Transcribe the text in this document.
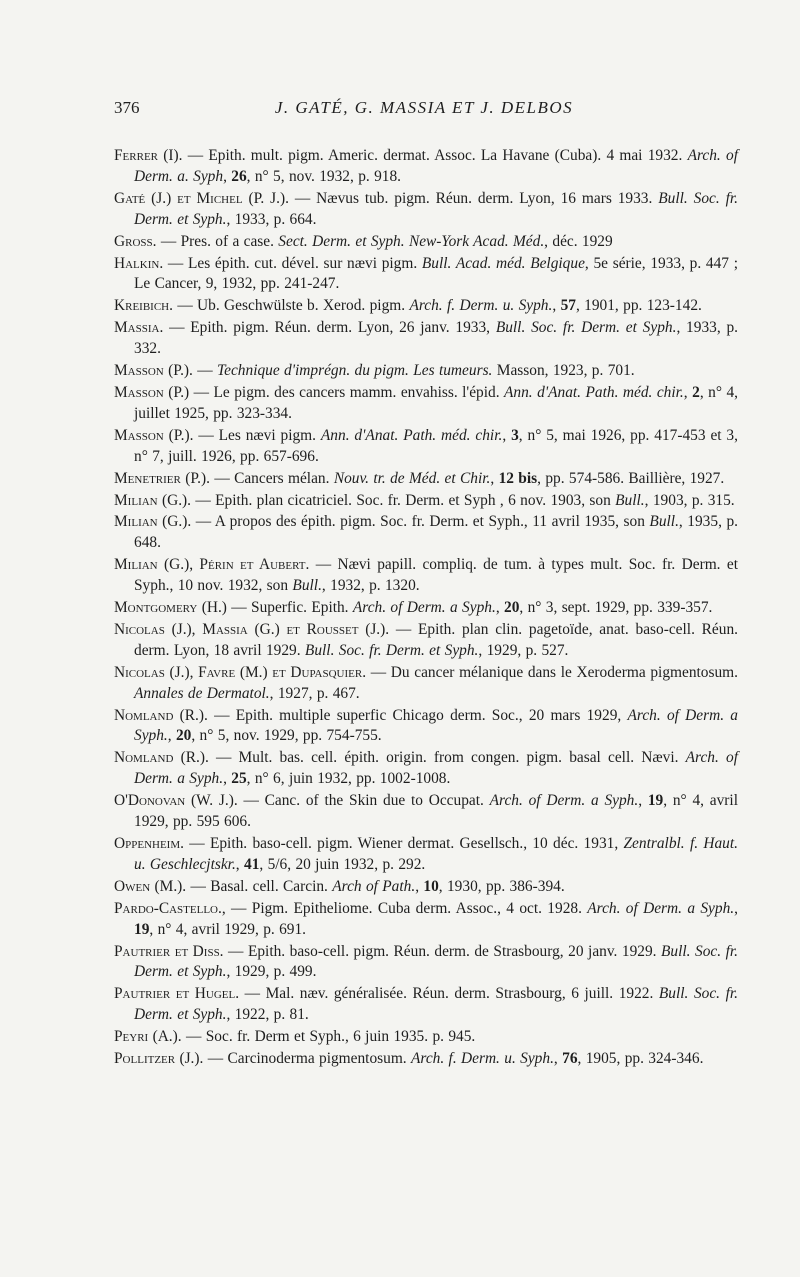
376	J. GATÉ, G. MASSIA ET J. DELBOS

Ferrer (I). — Epith. mult. pigm. Americ. dermat. Assoc. La Havane (Cuba). 4 mai 1932. Arch. of Derm. a. Syph, 26, n° 5, nov. 1932, p. 918.

Gaté (J.) et Michel (P. J.). — Nævus tub. pigm. Réun. derm. Lyon, 16 mars 1933. Bull. Soc. fr. Derm. et Syph., 1933, p. 664.

Gross. — Pres. of a case. Sect. Derm. et Syph. New-York Acad. Méd., déc. 1929

Halkin. — Les épith. cut. dével. sur nævi pigm. Bull. Acad. méd. Belgique, 5e série, 1933, p. 447 ; Le Cancer, 9, 1932, pp. 241-247.

Kreibich. — Ub. Geschwülste b. Xerod. pigm. Arch. f. Derm. u. Syph., 57, 1901, pp. 123-142.

Massia. — Epith. pigm. Réun. derm. Lyon, 26 janv. 1933, Bull. Soc. fr. Derm. et Syph., 1933, p. 332.

Masson (P.). — Technique d'imprégn. du pigm. Les tumeurs. Masson, 1923, p. 701.

Masson (P.) — Le pigm. des cancers mamm. envahiss. l'épid. Ann. d'Anat. Path. méd. chir., 2, n° 4, juillet 1925, pp. 323-334.

Masson (P.). — Les nævi pigm. Ann. d'Anat. Path. méd. chir., 3, n° 5, mai 1926, pp. 417-453 et 3, n° 7, juill. 1926, pp. 657-696.

Menetrier (P.). — Cancers mélan. Nouv. tr. de Méd. et Chir., 12 bis, pp. 574-586. Baillière, 1927.

Milian (G.). — Epith. plan cicatriciel. Soc. fr. Derm. et Syph , 6 nov. 1903, son Bull., 1903, p. 315.

Milian (G.). — A propos des épith. pigm. Soc. fr. Derm. et Syph., 11 avril 1935, son Bull., 1935, p. 648.

Milian (G.), Périn et Aubert. — Nævi papill. compliq. de tum. à types mult. Soc. fr. Derm. et Syph., 10 nov. 1932, son Bull., 1932, p. 1320.

Montgomery (H.) — Superfic. Epith. Arch. of Derm. a Syph., 20, n° 3, sept. 1929, pp. 339-357.

Nicolas (J.), Massia (G.) et Rousset (J.). — Epith. plan clin. pagetoïde, anat. baso-cell. Réun. derm. Lyon, 18 avril 1929. Bull. Soc. fr. Derm. et Syph., 1929, p. 527.

Nicolas (J.), Favre (M.) et Dupasquier. — Du cancer mélanique dans le Xeroderma pigmentosum. Annales de Dermatol., 1927, p. 467.

Nomland (R.). — Epith. multiple superfic Chicago derm. Soc., 20 mars 1929, Arch. of Derm. a Syph., 20, n° 5, nov. 1929, pp. 754-755.

Nomland (R.). — Mult. bas. cell. épith. origin. from congen. pigm. basal cell. Nævi. Arch. of Derm. a Syph., 25, n° 6, juin 1932, pp. 1002-1008.

O'Donovan (W. J.). — Canc. of the Skin due to Occupat. Arch. of Derm. a Syph., 19, n° 4, avril 1929, pp. 595 606.

Oppenheim. — Epith. baso-cell. pigm. Wiener dermat. Gesellsch., 10 déc. 1931, Zentralbl. f. Haut. u. Geschlecjtskr., 41, 5/6, 20 juin 1932, p. 292.

Owen (M.). — Basal. cell. Carcin. Arch of Path., 10, 1930, pp. 386-394.

Pardo-Castello., — Pigm. Epitheliome. Cuba derm. Assoc., 4 oct. 1928. Arch. of Derm. a Syph., 19, n° 4, avril 1929, p. 691.

Pautrier et Diss. — Epith. baso-cell. pigm. Réun. derm. de Strasbourg, 20 janv. 1929. Bull. Soc. fr. Derm. et Syph., 1929, p. 499.

Pautrier et Hugel. — Mal. næv. généralisée. Réun. derm. Strasbourg, 6 juill. 1922. Bull. Soc. fr. Derm. et Syph., 1922, p. 81.

Peyri (A.). — Soc. fr. Derm et Syph., 6 juin 1935. p. 945.

Pollitzer (J.). — Carcinoderma pigmentosum. Arch. f. Derm. u. Syph., 76, 1905, pp. 324-346.
